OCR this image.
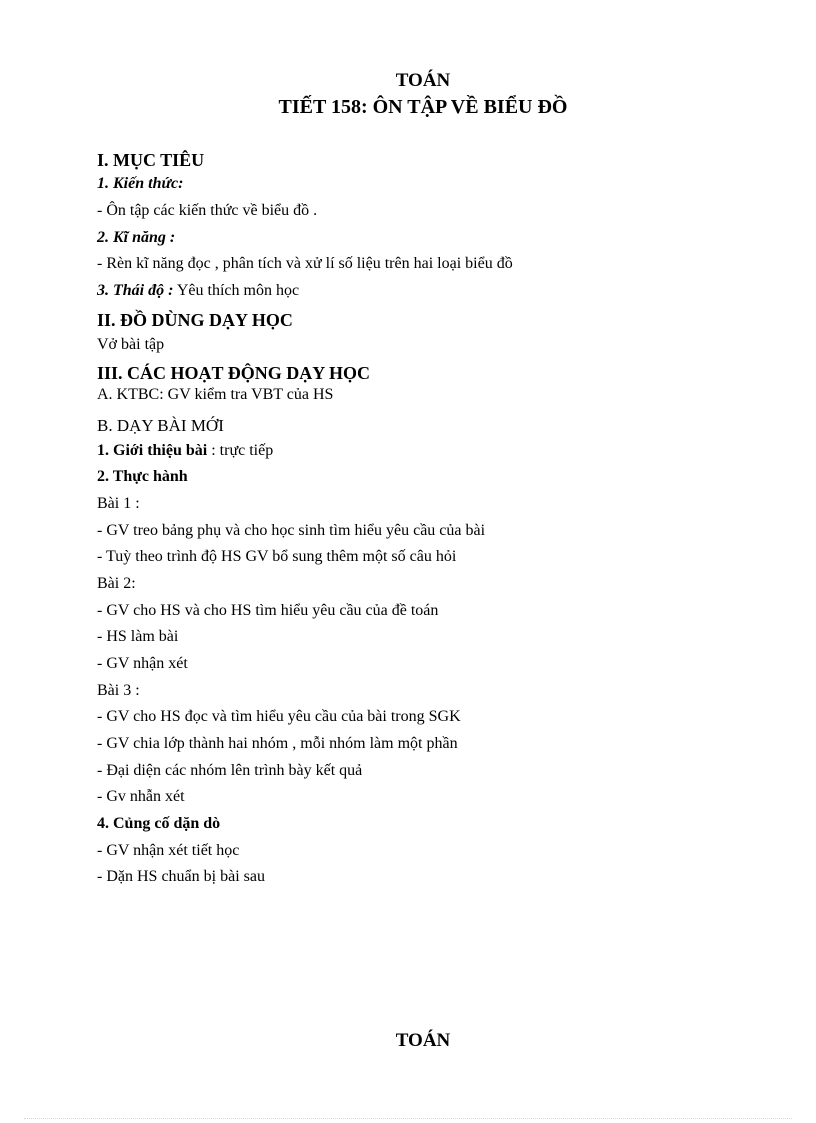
TOÁN
TIẾT 158: ÔN TẬP VỀ BIỂU ĐỒ
I. MỤC TIÊU
1. Kiến thức:
- Ôn tập các kiến thức về biểu đồ .
2. Kĩ năng :
- Rèn kĩ năng đọc , phân tích và xử lí số liệu trên hai loại biểu đồ
3. Thái độ : Yêu thích môn học
II. ĐỒ DÙNG DẠY HỌC
Vở bài tập
III. CÁC HOẠT ĐỘNG DẠY HỌC
A. KTBC: GV kiểm tra VBT của HS
B. DẠY BÀI MỚI
1. Giới thiệu bài : trực tiếp
2. Thực hành
Bài 1 :
- GV treo bảng phụ và cho học sinh tìm hiểu yêu cầu của bài
- Tuỳ theo trình độ HS GV bổ sung thêm một số câu hỏi
Bài 2:
- GV cho HS và cho HS tìm hiểu yêu cầu của đề toán
- HS làm bài
- GV nhận xét
Bài 3 :
- GV cho HS đọc và tìm hiểu yêu cầu của bài trong SGK
- GV chia lớp thành hai nhóm , mỗi nhóm làm một phần
- Đại diện các nhóm lên trình bày kết quả
- Gv nhẫn xét
4. Củng cố dặn dò
- GV nhận xét tiết học
- Dặn HS chuẩn bị bài sau
TOÁN
